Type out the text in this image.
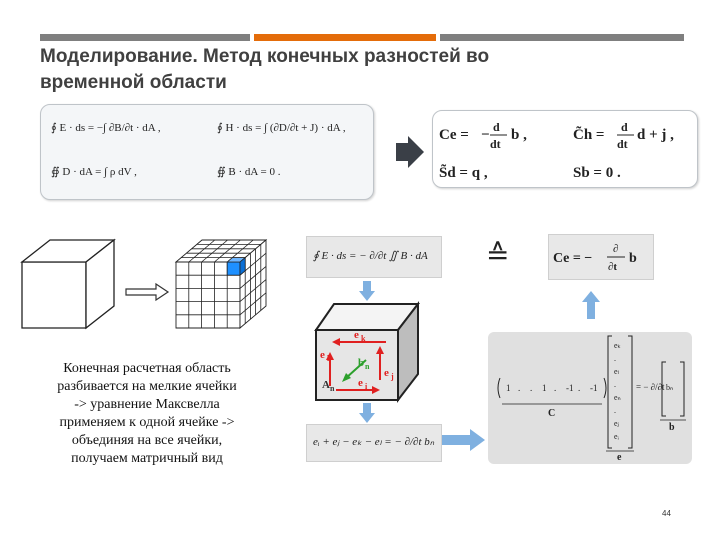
Моделирование. Метод конечных разностей во
временной области
∮ E · ds = −∫ ∂B/∂t · dA ,	∮ H · ds = ∫ (∂D/∂t + J) · dA ,
∯ D · dA = ∫ ρ dV ,	∯ B · dA = 0 .
Ce = − d
dt
b ,	C̃h = d
dt
d + j ,
S̃d = q ,	Sb = 0 .
Конечная расчетная область
разбивается на мелкие ячейки
-> уравнение Максвелла
применяем к одной ячейке ->
объединяя на все ячейки,
получаем матричный вид
∮ E · ds = − ∂/∂t ∬ B · dA ≙	Ce = −
∂
∂t
b
e k
e l	b n
e j
e i
A n
eᵢ + eⱼ − eₖ − eₗ = − ∂/∂t bₙ
1 . . 1 . -1 . -1
C
eₖ
.
eₗ
.
eₙ
.
eⱼ
eᵢ
e
= − ∂/∂t bₙ
b
44
